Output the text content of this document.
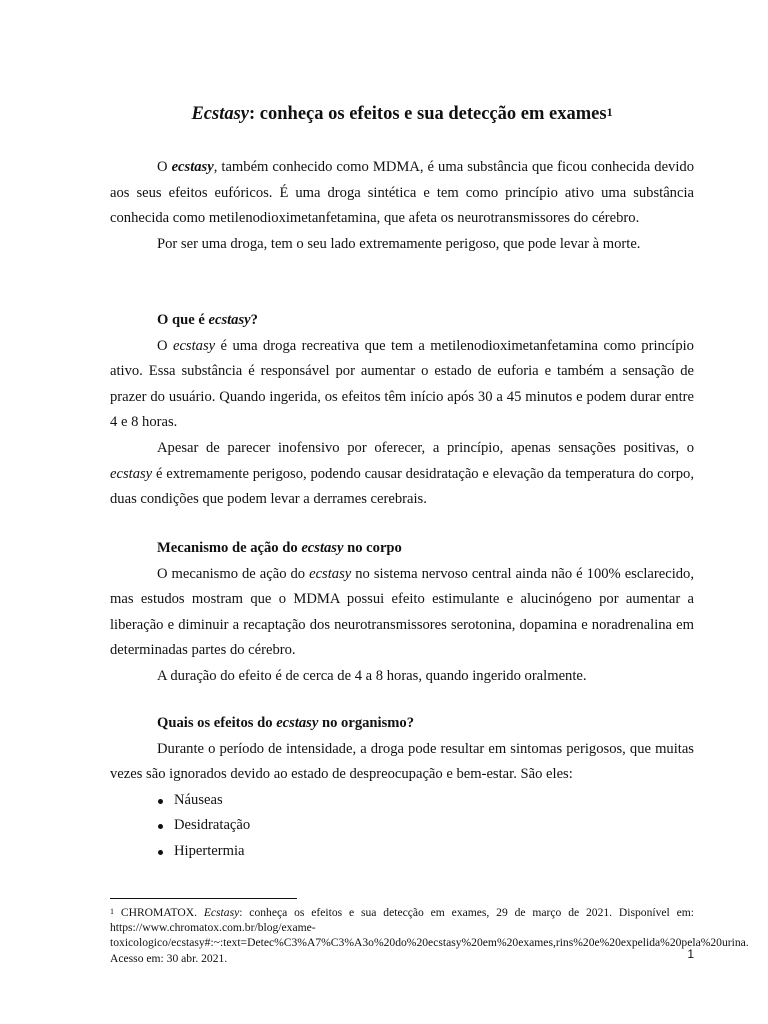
Ecstasy: conheça os efeitos e sua detecção em exames$^1$

O ecstasy, também conhecido como MDMA, é uma substância que ficou conhecida devido aos seus efeitos eufóricos. É uma droga sintética e tem como princípio ativo uma substância conhecida como metilenodioximetanfetamina, que afeta os neurotransmissores do cérebro.

Por ser uma droga, tem o seu lado extremamente perigoso, que pode levar à morte.

O que é ecstasy?

O ecstasy é uma droga recreativa que tem a metilenodioximetanfetamina como princípio ativo. Essa substância é responsável por aumentar o estado de euforia e também a sensação de prazer do usuário. Quando ingerida, os efeitos têm início após 30 a 45 minutos e podem durar entre 4 e 8 horas.

Apesar de parecer inofensivo por oferecer, a princípio, apenas sensações positivas, o ecstasy é extremamente perigoso, podendo causar desidratação e elevação da temperatura do corpo, duas condições que podem levar a derrames cerebrais.

Mecanismo de ação do ecstasy no corpo

O mecanismo de ação do ecstasy no sistema nervoso central ainda não é 100% esclarecido, mas estudos mostram que o MDMA possui efeito estimulante e alucinógeno por aumentar a liberação e diminuir a recaptação dos neurotransmissores serotonina, dopamina e noradrenalina em determinadas partes do cérebro.

A duração do efeito é de cerca de 4 a 8 horas, quando ingerido oralmente.

Quais os efeitos do ecstasy no organismo?

Durante o período de intensidade, a droga pode resultar em sintomas perigosos, que muitas vezes são ignorados devido ao estado de despreocupação e bem-estar. São eles:

Náuseas
Desidratação
Hipertermia
$^1$ CHROMATOX. Ecstasy: conheça os efeitos e sua detecção em exames, 29 de março de 2021. Disponível em: https://www.chromatox.com.br/blog/exame-toxicologico/ecstasy#:~:text=Detec%C3%A7%C3%A3o%20do%20ecstasy%20em%20exames,rins%20e%20expelida%20pela%20urina. Acesso em: 30 abr. 2021.	1
